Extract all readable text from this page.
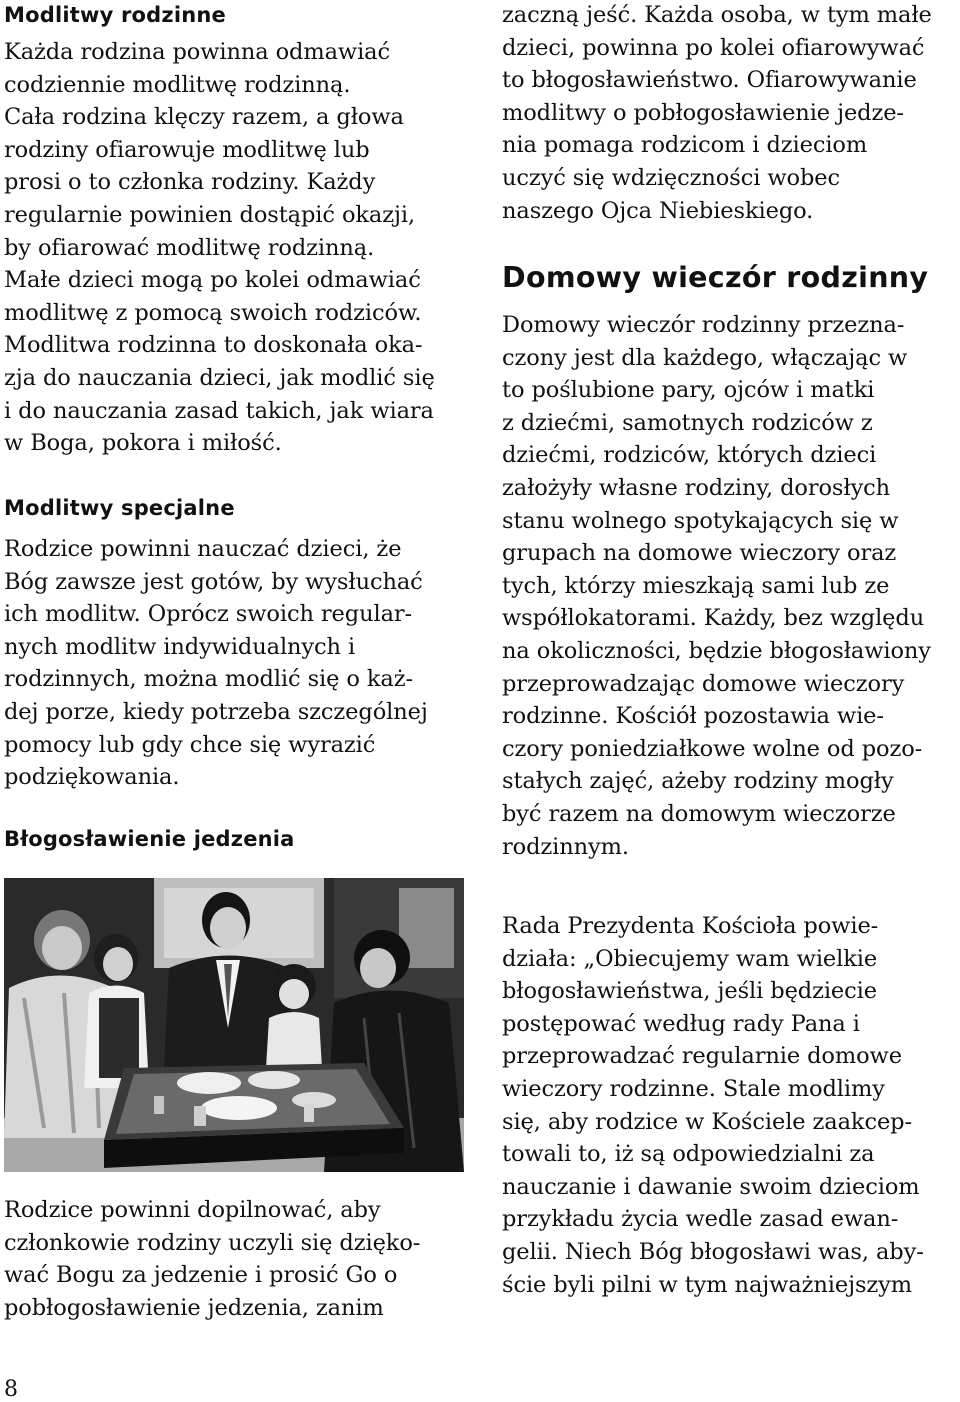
Modlitwy rodzinne
Każda rodzina powinna odmawiać
codziennie modlitwę rodzinną.
Cała rodzina klęczy razem, a głowa
rodziny ofiarowuje modlitwę lub
prosi o to członka rodziny. Każdy
regularnie powinien dostąpić okazji,
by ofiarować modlitwę rodzinną.
Małe dzieci mogą po kolei odmawiać
modlitwę z pomocą swoich rodziców.
Modlitwa rodzinna to doskonała oka-
zja do nauczania dzieci, jak modlić się
i do nauczania zasad takich, jak wiara
w Boga, pokora i miłość.
Modlitwy specjalne
Rodzice powinni nauczać dzieci, że
Bóg zawsze jest gotów, by wysłuchać
ich modlitw. Oprócz swoich regular-
nych modlitw indywidualnych i
rodzinnych, można modlić się o każ-
dej porze, kiedy potrzeba szczególnej
pomocy lub gdy chce się wyrazić
podziękowania.
Błogosławienie jedzenia
Rodzice powinni dopilnować, aby
członkowie rodziny uczyli się dzięko-
wać Bogu za jedzenie i prosić Go o
pobłogosławienie jedzenia, zanim
zaczną jeść. Każda osoba, w tym małe
dzieci, powinna po kolei ofiarowywać
to błogosławieństwo. Ofiarowywanie
modlitwy o pobłogosławienie jedze-
nia pomaga rodzicom i dzieciom
uczyć się wdzięczności wobec
naszego Ojca Niebieskiego.
Domowy wieczór rodzinny
Domowy wieczór rodzinny przezna-
czony jest dla każdego, włączając w
to poślubione pary, ojców i matki
z dziećmi, samotnych rodziców z
dziećmi, rodziców, których dzieci
założyły własne rodziny, dorosłych
stanu wolnego spotykających się w
grupach na domowe wieczory oraz
tych, którzy mieszkają sami lub ze
współlokatorami. Każdy, bez względu
na okoliczności, będzie błogosławiony
przeprowadzając domowe wieczory
rodzinne. Kościół pozostawia wie-
czory poniedziałkowe wolne od pozo-
stałych zajęć, ażeby rodziny mogły
być razem na domowym wieczorze
rodzinnym.
Rada Prezydenta Kościoła powie-
działa: „Obiecujemy wam wielkie
błogosławieństwa, jeśli będziecie
postępować według rady Pana i
przeprowadzać regularnie domowe
wieczory rodzinne. Stale modlimy
się, aby rodzice w Kościele zaakcep-
towali to, iż są odpowiedzialni za
nauczanie i dawanie swoim dzieciom
przykładu życia wedle zasad ewan-
gelii. Niech Bóg błogosławi was, aby-
ście byli pilni w tym najważniejszym
8
